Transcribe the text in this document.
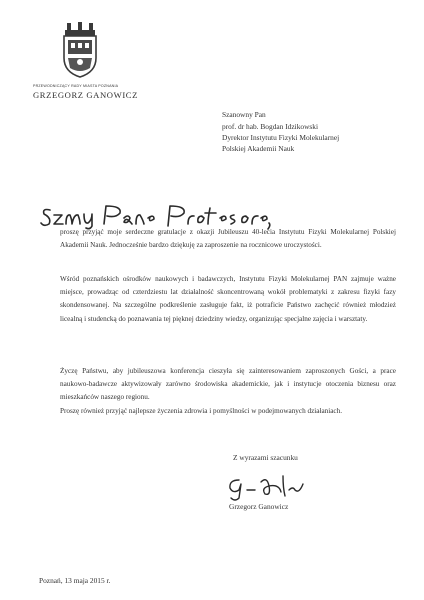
PRZEWODNICZĄCY RADY MIASTA POZNANIA
GRZEGORZ GANOWICZ
Szanowny Pan
prof. dr hab. Bogdan Idzikowski
Dyrektor Instytutu Fizyki Molekularnej
Polskiej Akademii Nauk
proszę przyjąć moje serdeczne gratulacje z okazji Jubileuszu 40-lecia Instytutu Fizyki Molekularnej Polskiej Akademii Nauk. Jednocześnie bardzo dziękuję za zaproszenie na rocznicowe uroczystości.
Wśród poznańskich ośrodków naukowych i badawczych, Instytutu Fizyki Molekularnej PAN zajmuje ważne miejsce, prowadząc od czterdziestu lat działalność skoncentrowaną wokół problematyki z zakresu fizyki fazy skondensowanej. Na szczególne podkreślenie zasługuje fakt, iż potraficie Państwo zachęcić również młodzież licealną i studencką do poznawania tej pięknej dziedziny wiedzy, organizując specjalne zajęcia i warsztaty.
Życzę Państwu, aby jubileuszowa konferencja cieszyła się zainteresowaniem zaproszonych Gości, a prace naukowo-badawcze aktywizowały zarówno środowiska akademickie, jak i instytucje otoczenia biznesu oraz mieszkańców naszego regionu.
Proszę również przyjąć najlepsze życzenia zdrowia i pomyślności w podejmowanych działaniach.
Z wyrazami szacunku
Grzegorz Ganowicz
Poznań, 13 maja 2015 r.
